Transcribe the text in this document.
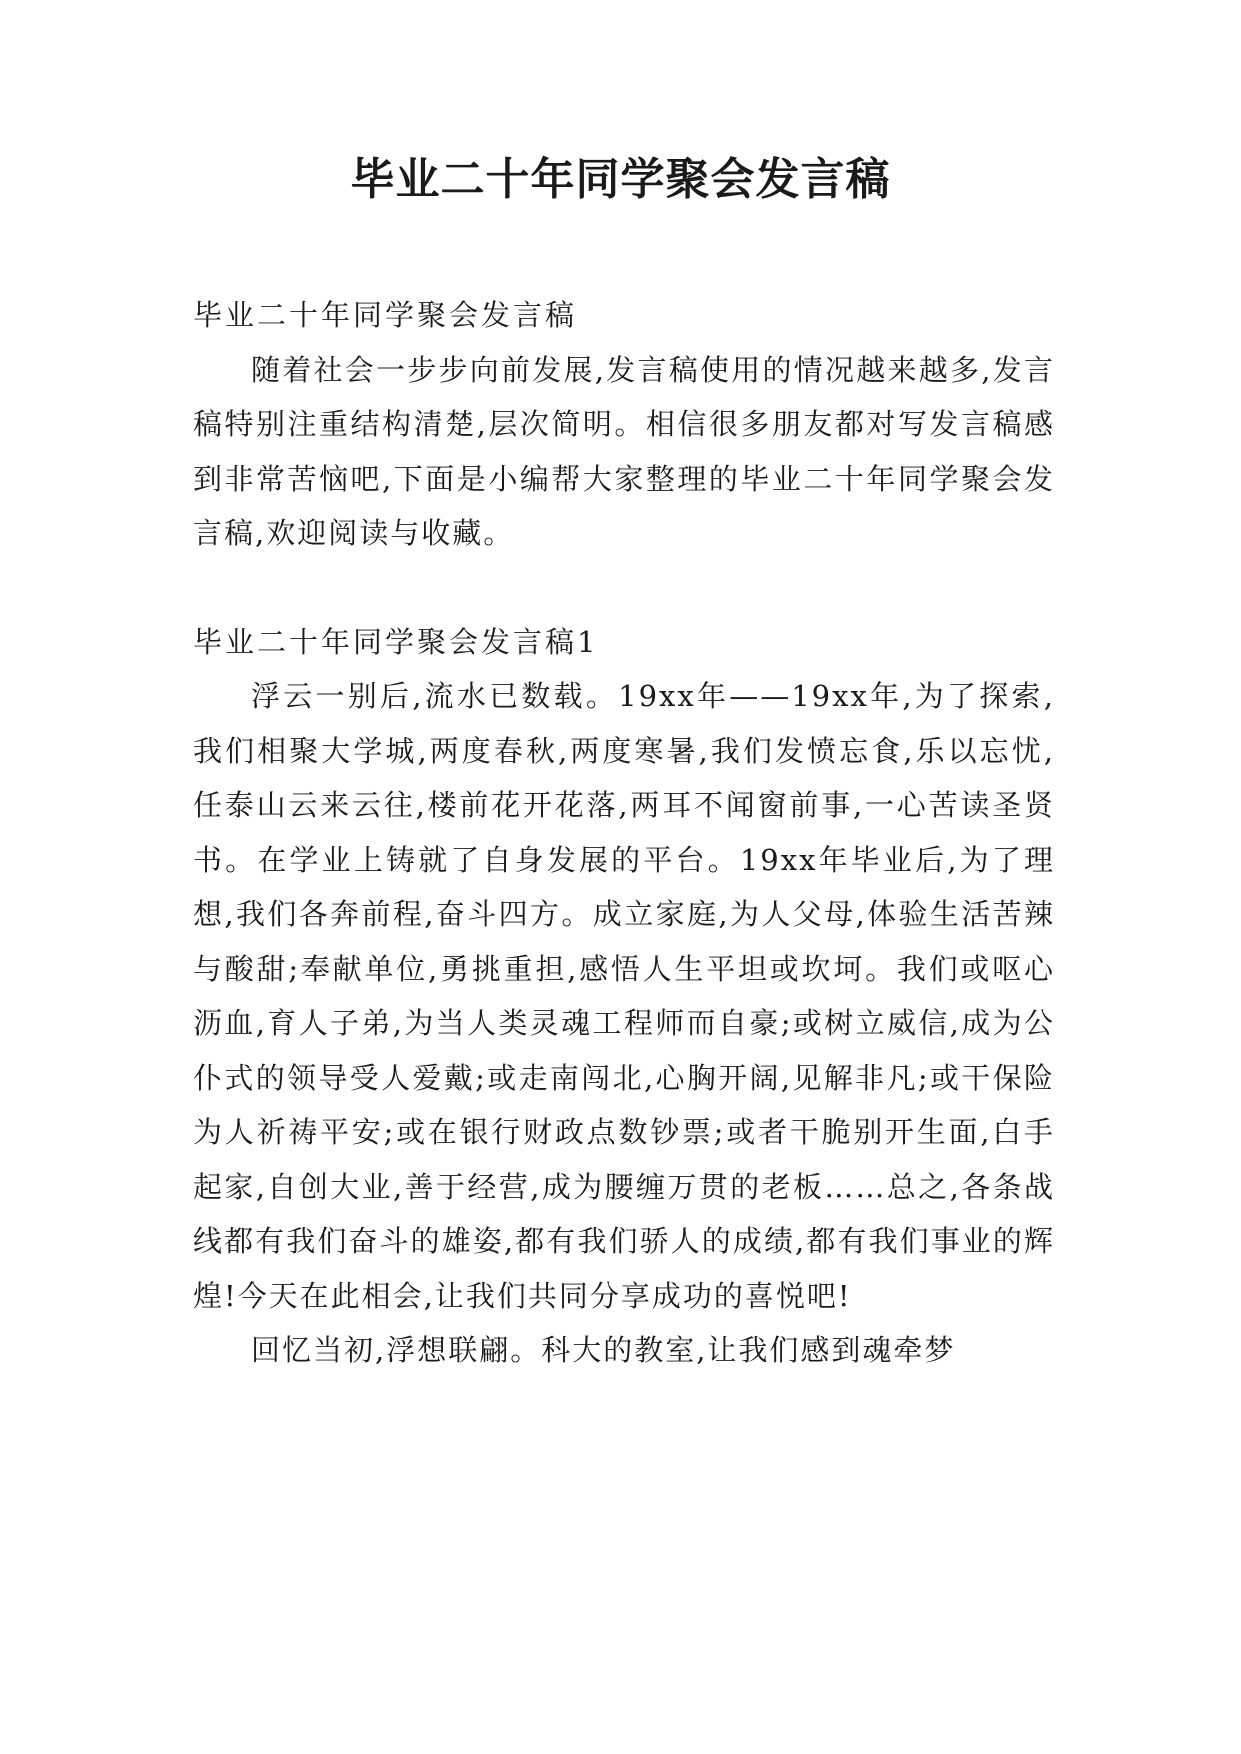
毕业二十年同学聚会发言稿

毕业二十年同学聚会发言稿

随着社会一步步向前发展,发言稿使用的情况越来越多,发言稿特别注重结构清楚,层次简明。相信很多朋友都对写发言稿感到非常苦恼吧,下面是小编帮大家整理的毕业二十年同学聚会发言稿,欢迎阅读与收藏。

毕业二十年同学聚会发言稿1

浮云一别后,流水已数载。19xx年——19xx年,为了探索,我们相聚大学城,两度春秋,两度寒暑,我们发愤忘食,乐以忘忧,任泰山云来云往,楼前花开花落,两耳不闻窗前事,一心苦读圣贤书。在学业上铸就了自身发展的平台。19xx年毕业后,为了理想,我们各奔前程,奋斗四方。成立家庭,为人父母,体验生活苦辣与酸甜;奉献单位,勇挑重担,感悟人生平坦或坎坷。我们或呕心沥血,育人子弟,为当人类灵魂工程师而自豪;或树立威信,成为公仆式的领导受人爱戴;或走南闯北,心胸开阔,见解非凡;或干保险为人祈祷平安;或在银行财政点数钞票;或者干脆别开生面,白手起家,自创大业,善于经营,成为腰缠万贯的老板……总之,各条战线都有我们奋斗的雄姿,都有我们骄人的成绩,都有我们事业的辉煌!今天在此相会,让我们共同分享成功的喜悦吧!

回忆当初,浮想联翩。科大的教室,让我们感到魂牵梦
